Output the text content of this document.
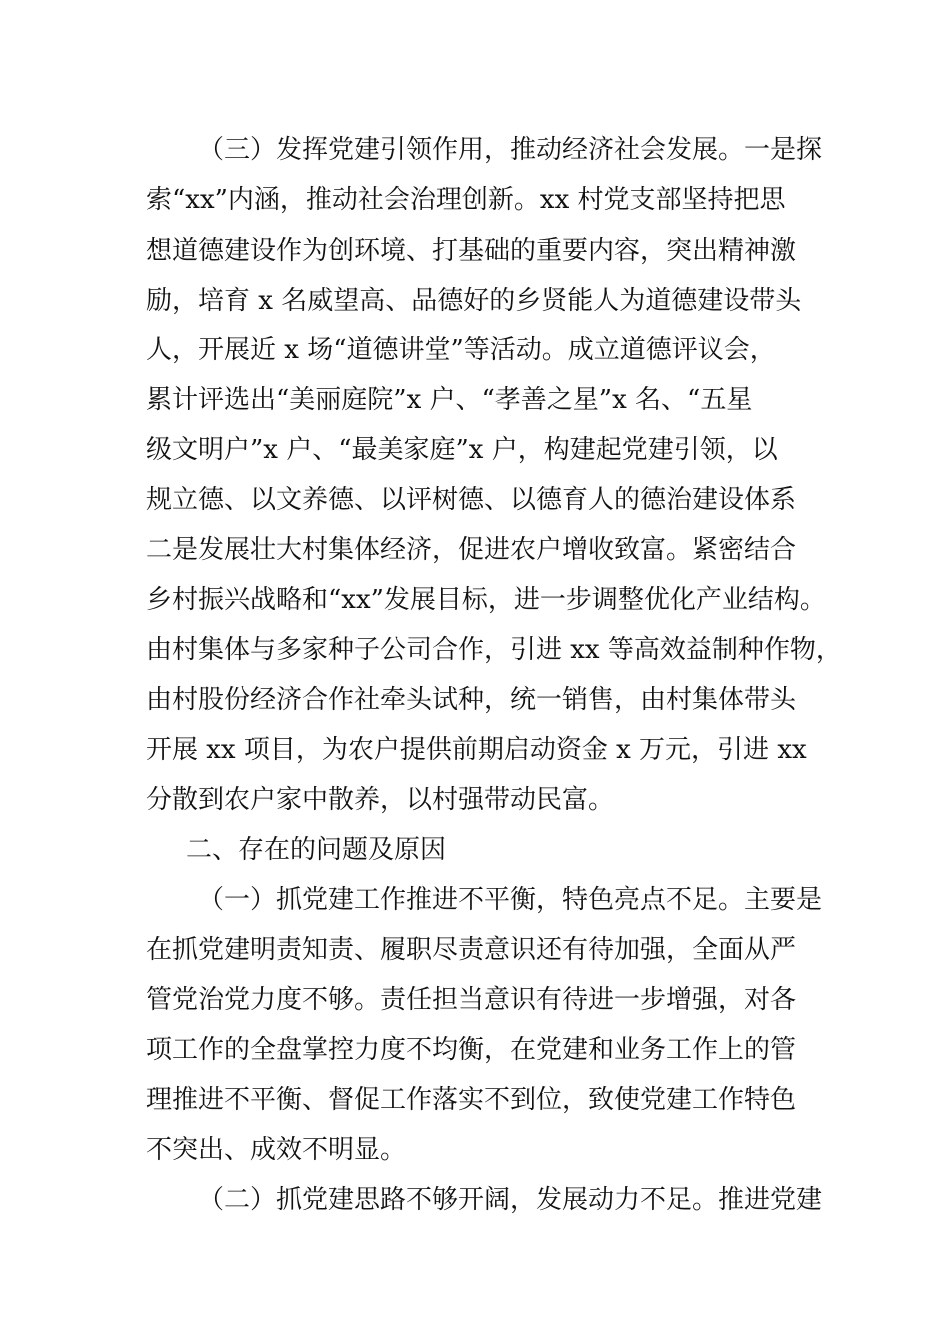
（三）发挥党建引领作用，推动经济社会发展。一是探
索“xx”内涵，推动社会治理创新。xx 村党支部坚持把思
想道德建设作为创环境、打基础的重要内容，突出精神激
励，培育 x 名威望高、品德好的乡贤能人为道德建设带头
人，开展近 x 场“道德讲堂”等活动。成立道德评议会，
累计评选出“美丽庭院”x 户、“孝善之星”x 名、“五星
级文明户”x 户、“最美家庭”x 户，构建起党建引领，以
规立德、以文养德、以评树德、以德育人的德治建设体系
二是发展壮大村集体经济，促进农户增收致富。紧密结合
乡村振兴战略和“xx”发展目标，进一步调整优化产业结构。
由村集体与多家种子公司合作，引进 xx 等高效益制种作物，
由村股份经济合作社牵头试种，统一销售，由村集体带头
开展 xx 项目，为农户提供前期启动资金 x 万元，引进 xx
分散到农户家中散养，以村强带动民富。
二、存在的问题及原因
（一）抓党建工作推进不平衡，特色亮点不足。主要是
在抓党建明责知责、履职尽责意识还有待加强，全面从严
管党治党力度不够。责任担当意识有待进一步增强，对各
项工作的全盘掌控力度不均衡，在党建和业务工作上的管
理推进不平衡、督促工作落实不到位，致使党建工作特色
不突出、成效不明显。
（二）抓党建思路不够开阔，发展动力不足。推进党建
